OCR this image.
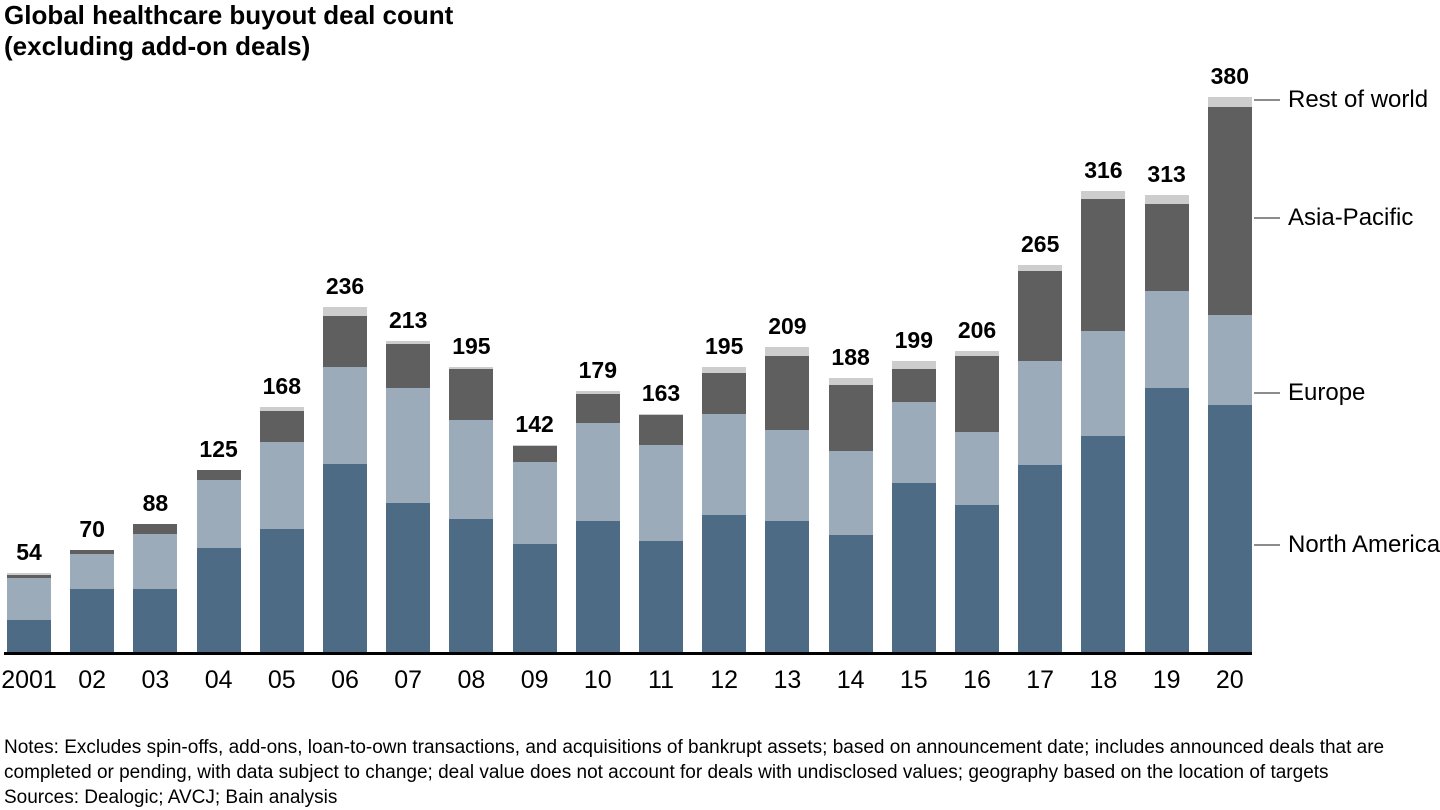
Global healthcare buyout deal count
(excluding add-on deals)
54
2001
70
02
88
03
125
04
168
05
236
06
213
07
195
08
142
09
179
10
163
11
195
12
209
13
188
14
199
15
206
16
265
17
316
18
313
19
380
20
Rest of world
Asia-Pacific
Europe
North America
Notes: Excludes spin-offs, add-ons, loan-to-own transactions, and acquisitions of bankrupt assets; based on announcement date; includes announced deals that are
completed or pending, with data subject to change; deal value does not account for deals with undisclosed values; geography based on the location of targets
Sources: Dealogic; AVCJ; Bain analysis
